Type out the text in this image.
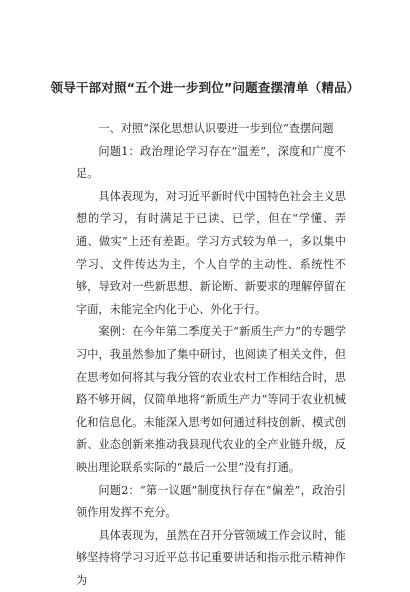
领导干部对照“五个进一步到位”问题查摆清单（精品）

一、对照“深化思想认识要进一步到位”查摆问题

问题1：政治理论学习存在“温差”，深度和广度不足。

具体表现为，对习近平新时代中国特色社会主义思想的学习，有时满足于已读、已学，但在“学懂、弄通、做实”上还有差距。学习方式较为单一，多以集中学习、文件传达为主，个人自学的主动性、系统性不够，导致对一些新思想、新论断、新要求的理解停留在字面，未能完全内化于心、外化于行。

案例：在今年第二季度关于“新质生产力”的专题学习中，我虽然参加了集中研讨，也阅读了相关文件，但在思考如何将其与我分管的农业农村工作相结合时，思路不够开阔，仅简单地将“新质生产力”等同于农业机械化和信息化。未能深入思考如何通过科技创新、模式创新、业态创新来推动我县现代农业的全产业链升级，反映出理论联系实际的“最后一公里”没有打通。

问题2：“第一议题”制度执行存在“偏差”，政治引领作用发挥不充分。

具体表现为，虽然在召开分管领域工作会议时，能够坚持将学习习近平总书记重要讲话和指示批示精神作为
